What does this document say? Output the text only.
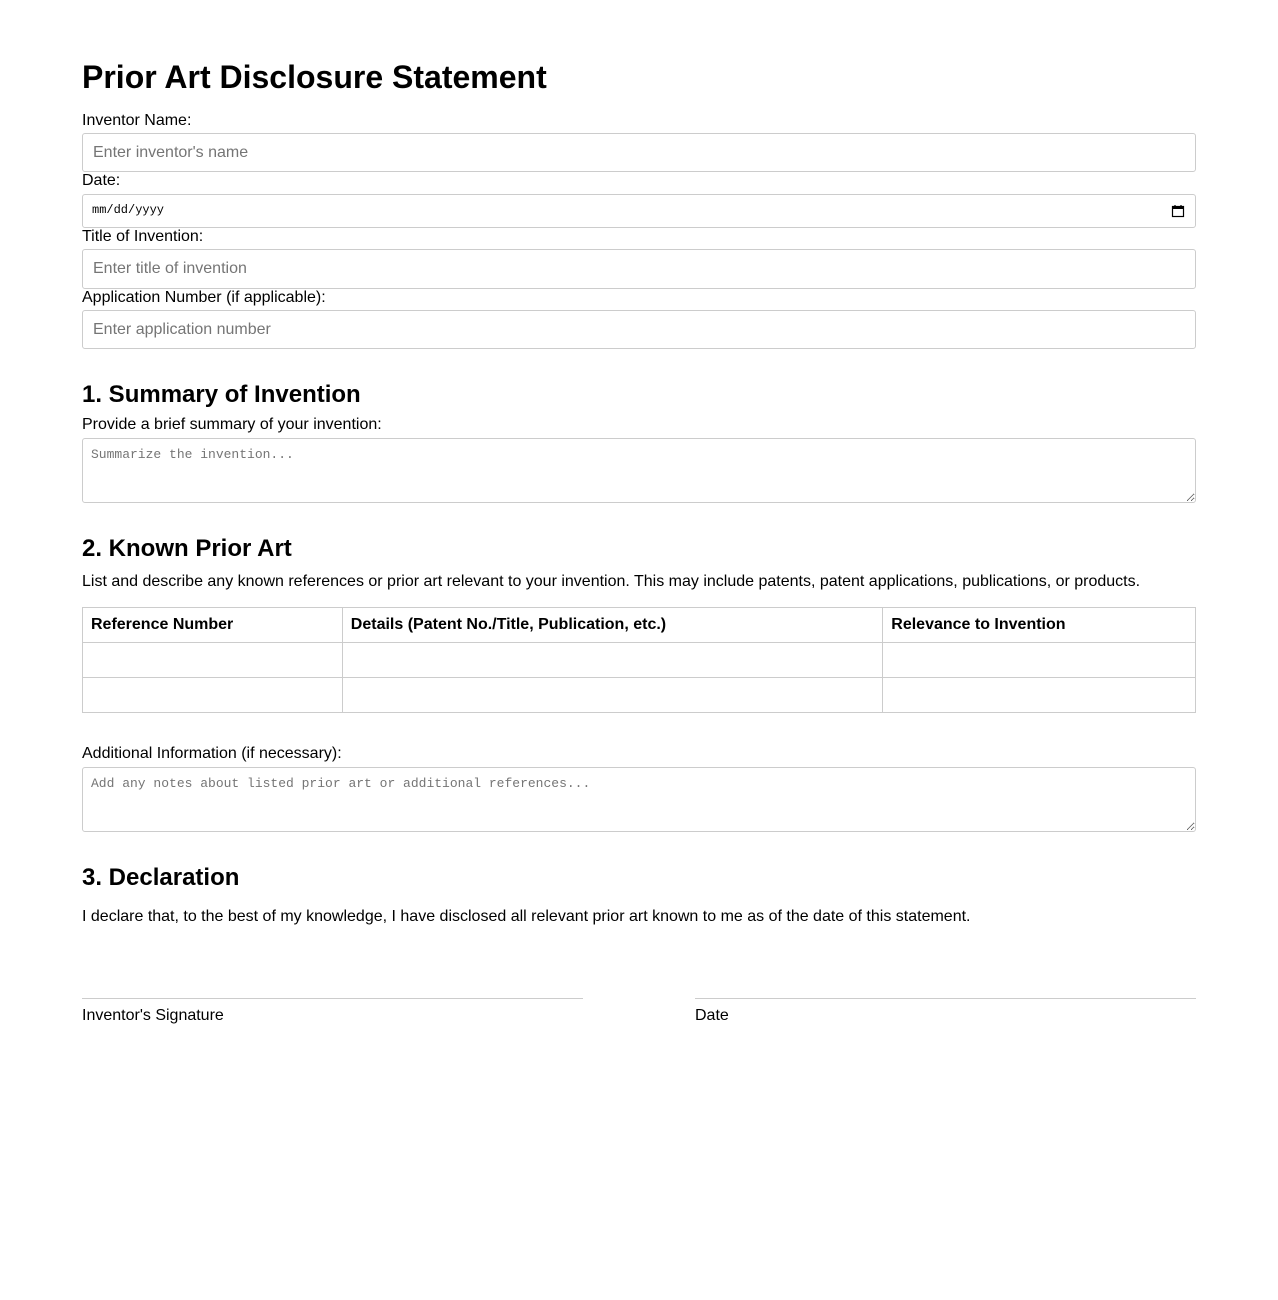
Prior Art Disclosure Statement
Inventor Name:
Enter inventor's name
Date:
mm/dd/yyyy
Title of Invention:
Enter title of invention
Application Number (if applicable):
Enter application number
1. Summary of Invention
Provide a brief summary of your invention:
Summarize the invention...
2. Known Prior Art

List and describe any known references or prior art relevant to your invention. This may include patents, patent applications, publications, or products.

Reference Number	Details (Patent No./Title, Publication, etc.)	Relevance to Invention

Additional Information (if necessary):
Add any notes about listed prior art or additional references...
3. Declaration

I declare that, to the best of my knowledge, I have disclosed all relevant prior art known to me as of the date of this statement.

Inventor's Signature	Date
